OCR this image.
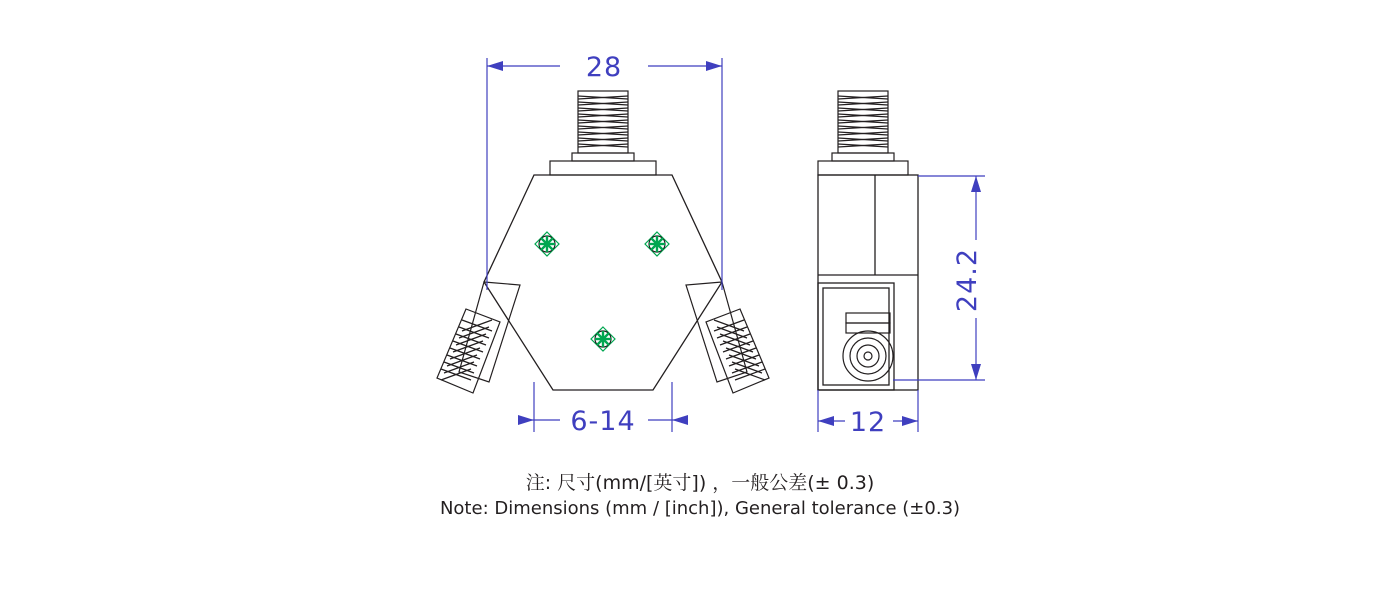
28
6-14
24.2
12
注: 尺寸(mm/[英寸]) ，一般公差(± 0.3)
Note: Dimensions (mm / [inch]), General tolerance (±0.3)
